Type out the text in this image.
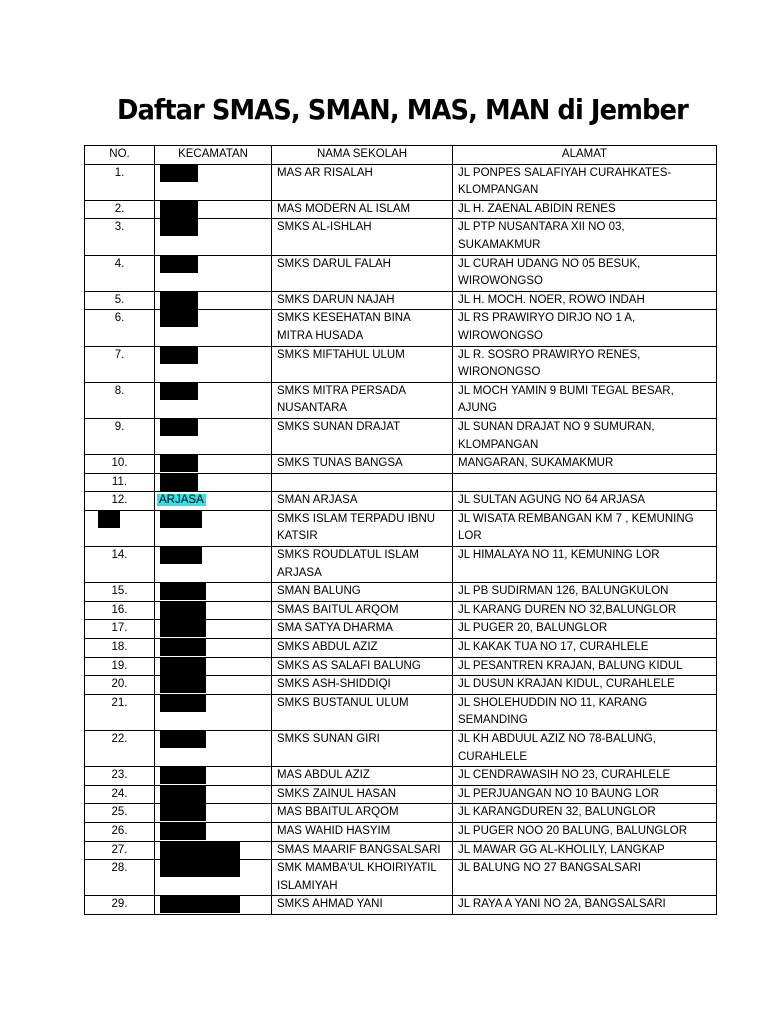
Daftar SMAS, SMAN, MAS, MAN di Jember
NO.	KECAMATAN	NAMA SEKOLAH	ALAMAT
1.		MAS AR RISALAH	JL PONPES SALAFIYAH CURAHKATES-
KLOMPANGAN
2.		MAS MODERN AL ISLAM	JL H. ZAENAL ABIDIN RENES
3.		SMKS AL-ISHLAH	JL PTP NUSANTARA XII NO 03,
SUKAMAKMUR
4.		SMKS DARUL FALAH	JL CURAH UDANG NO 05 BESUK,
WIROWONGSO
5.		SMKS DARUN NAJAH	JL H. MOCH. NOER, ROWO INDAH
6.		SMKS KESEHATAN BINA
MITRA HUSADA	JL RS PRAWIRYO DIRJO NO 1 A,
WIROWONGSO
7.		SMKS MIFTAHUL ULUM	JL R. SOSRO PRAWIRYO RENES,
WIRONONGSO
8.		SMKS MITRA PERSADA
NUSANTARA	JL MOCH YAMIN 9 BUMI TEGAL BESAR,
AJUNG

9.		SMKS SUNAN DRAJAT	JL SUNAN DRAJAT NO 9 SUMURAN,
KLOMPANGAN
10.		SMKS TUNAS BANGSA	MANGARAN, SUKAMAKMUR
11.			
12.	ARJASA	SMAN ARJASA	JL SULTAN AGUNG NO 64 ARJASA
		SMKS ISLAM TERPADU IBNU
KATSIR	JL WISATA REMBANGAN KM 7 , KEMUNING
LOR
14.		SMKS ROUDLATUL ISLAM
ARJASA	JL HIMALAYA NO 11, KEMUNING LOR
15.		SMAN BALUNG	JL PB SUDIRMAN 126, BALUNGKULON
16.		SMAS BAITUL ARQOM	JL KARANG DUREN NO 32,BALUNGLOR
17.		SMA SATYA DHARMA	JL PUGER 20, BALUNGLOR
18.		SMKS ABDUL AZIZ	JL KAKAK TUA NO 17, CURAHLELE
19.		SMKS AS SALAFI BALUNG	JL PESANTREN KRAJAN, BALUNG KIDUL
20.		SMKS ASH-SHIDDIQI	JL DUSUN KRAJAN KIDUL, CURAHLELE
21.		SMKS BUSTANUL ULUM	JL SHOLEHUDDIN NO 11, KARANG
SEMANDING
22.		SMKS SUNAN GIRI	JL KH ABDUUL AZIZ NO 78-BALUNG,
CURAHLELE
23.		MAS ABDUL AZIZ	JL CENDRAWASIH NO 23, CURAHLELE
24.		SMKS ZAINUL HASAN	JL PERJUANGAN NO 10 BAUNG LOR
25.		MAS BBAITUL ARQOM	JL KARANGDUREN 32, BALUNGLOR
26.		MAS WAHID HASYIM	JL PUGER NOO 20 BALUNG, BALUNGLOR
27.		SMAS MAARIF BANGSALSARI	JL MAWAR GG AL-KHOLILY, LANGKAP
28.		SMK MAMBA'UL KHOIRIYATIL
ISLAMIYAH	JL BALUNG NO 27 BANGSALSARI
29.		SMKS AHMAD YANI	JL RAYA A YANI NO 2A, BANGSALSARI
